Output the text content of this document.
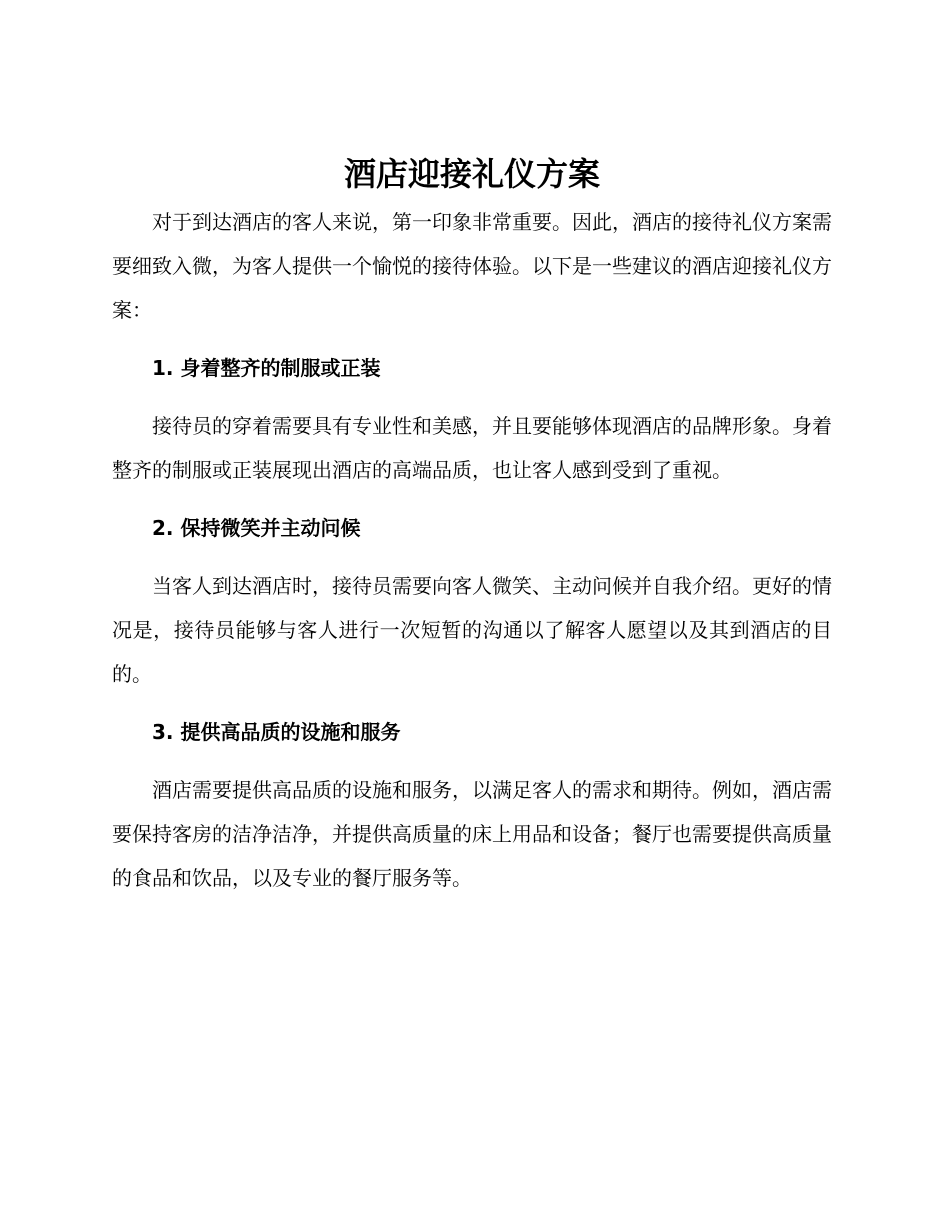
酒店迎接礼仪方案

对于到达酒店的客人来说，第一印象非常重要。因此，酒店的接待礼仪方案需要细致入微，为客人提供一个愉悦的接待体验。以下是一些建议的酒店迎接礼仪方案：

1. 身着整齐的制服或正装

接待员的穿着需要具有专业性和美感，并且要能够体现酒店的品牌形象。身着整齐的制服或正装展现出酒店的高端品质，也让客人感到受到了重视。

2. 保持微笑并主动问候

当客人到达酒店时，接待员需要向客人微笑、主动问候并自我介绍。更好的情况是，接待员能够与客人进行一次短暂的沟通以了解客人愿望以及其到酒店的目的。

3. 提供高品质的设施和服务

酒店需要提供高品质的设施和服务，以满足客人的需求和期待。例如，酒店需要保持客房的洁净洁净，并提供高质量的床上用品和设备；餐厅也需要提供高质量的食品和饮品，以及专业的餐厅服务等。
